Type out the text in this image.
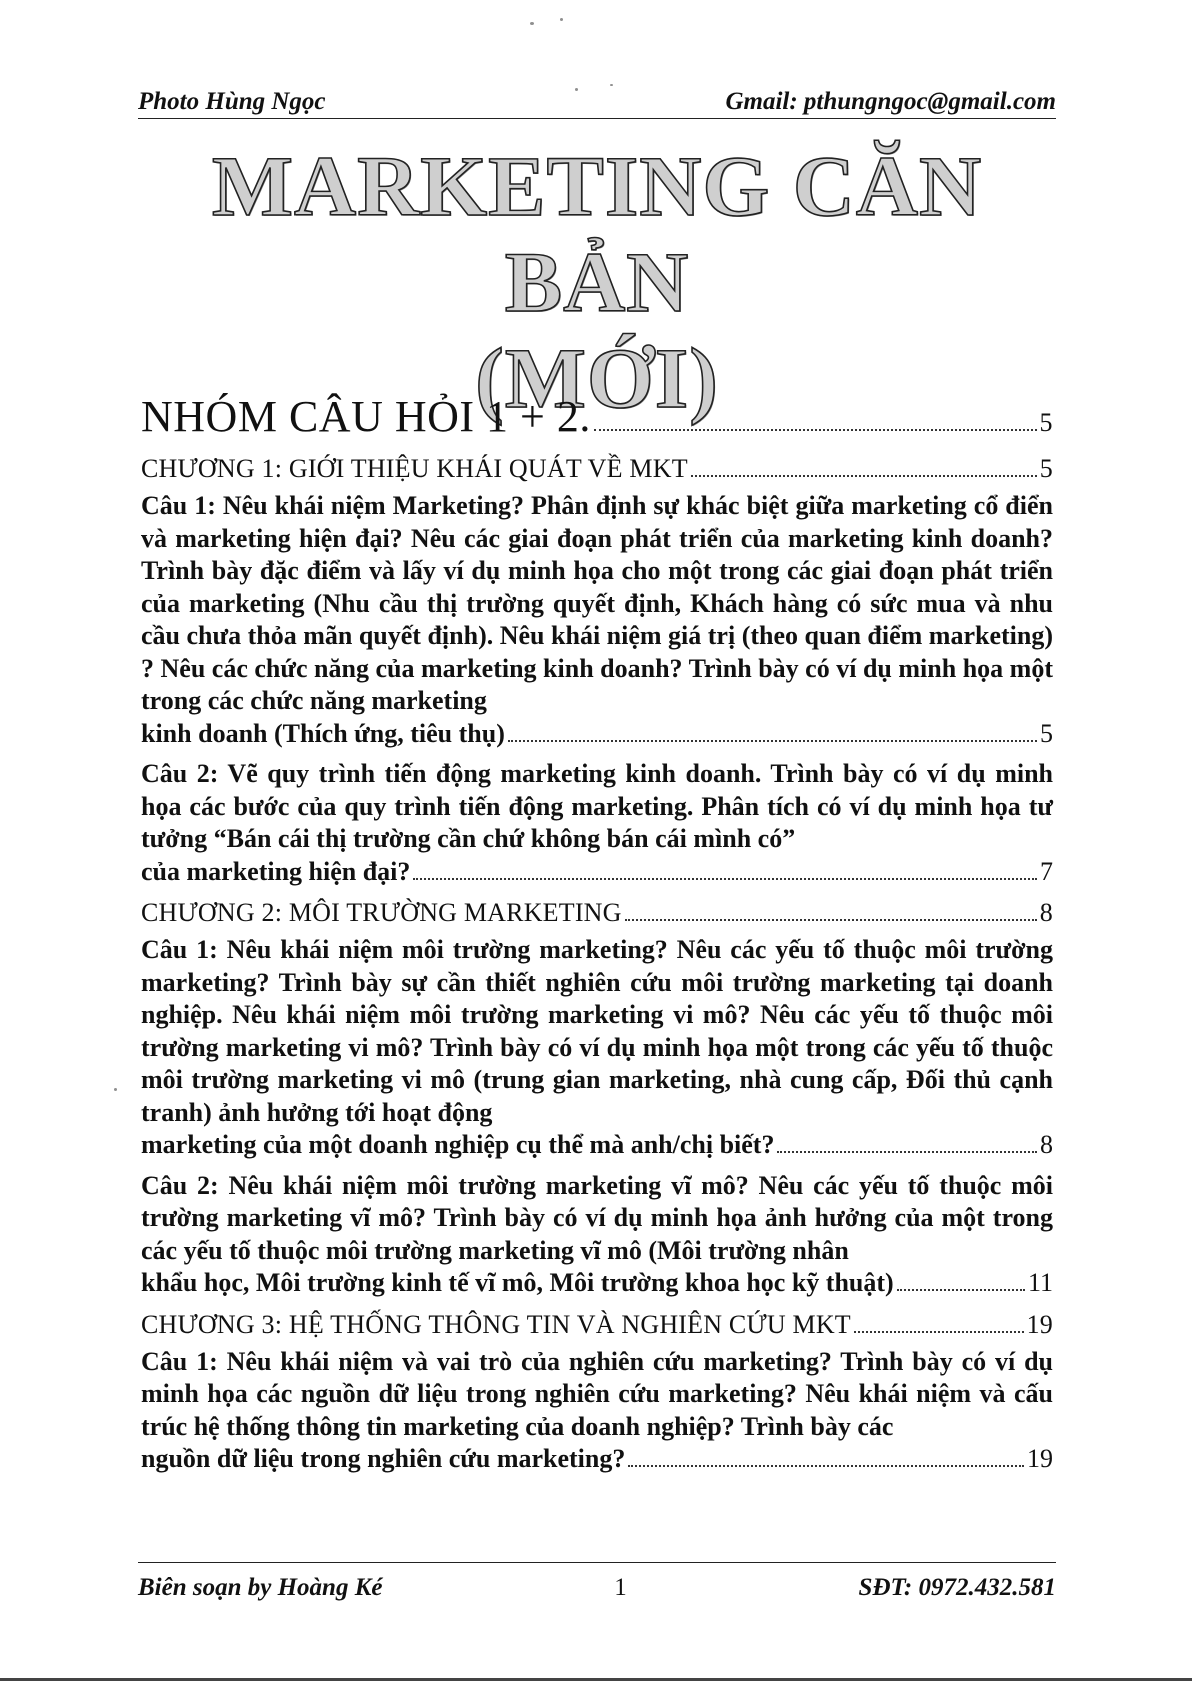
Photo Hùng Ngọc	Gmail: pthungngoc@gmail.com
MARKETING CĂN BẢN
(MỚI)
NHÓM CÂU HỎI 1 + 2.	5
CHƯƠNG 1: GIỚI THIỆU KHÁI QUÁT VỀ MKT	5
Câu 1: Nêu khái niệm Marketing? Phân định sự khác biệt giữa marketing cổ điển và marketing hiện đại? Nêu các giai đoạn phát triển của marketing kinh doanh? Trình bày đặc điểm và lấy ví dụ minh họa cho một trong các giai đoạn phát triển của marketing (Nhu cầu thị trường quyết định, Khách hàng có sức mua và nhu cầu chưa thỏa mãn quyết định). Nêu khái niệm giá trị (theo quan điểm marketing) ? Nêu các chức năng của marketing kinh doanh? Trình bày có ví dụ minh họa một trong các chức năng marketing
kinh doanh (Thích ứng, tiêu thụ)	5
Câu 2: Vẽ quy trình tiến động marketing kinh doanh. Trình bày có ví dụ minh họa các bước của quy trình tiến động marketing. Phân tích có ví dụ minh họa tư tưởng “Bán cái thị trường cần chứ không bán cái mình có”
của marketing hiện đại?	7
CHƯƠNG 2: MÔI TRƯỜNG MARKETING	8
Câu 1: Nêu khái niệm môi trường marketing? Nêu các yếu tố thuộc môi trường marketing? Trình bày sự cần thiết nghiên cứu môi trường marketing tại doanh nghiệp. Nêu khái niệm môi trường marketing vi mô? Nêu các yếu tố thuộc môi trường marketing vi mô? Trình bày có ví dụ minh họa một trong các yếu tố thuộc môi trường marketing vi mô (trung gian marketing, nhà cung cấp, Đối thủ cạnh tranh) ảnh hưởng tới hoạt động
marketing của một doanh nghiệp cụ thể mà anh/chị biết?	8
Câu 2: Nêu khái niệm môi trường marketing vĩ mô? Nêu các yếu tố thuộc môi trường marketing vĩ mô? Trình bày có ví dụ minh họa ảnh hưởng của một trong các yếu tố thuộc môi trường marketing vĩ mô (Môi trường nhân
khẩu học, Môi trường kinh tế vĩ mô, Môi trường khoa học kỹ thuật)	11
CHƯƠNG 3: HỆ THỐNG THÔNG TIN VÀ NGHIÊN CỨU MKT	19
Câu 1: Nêu khái niệm và vai trò của nghiên cứu marketing? Trình bày có ví dụ minh họa các nguồn dữ liệu trong nghiên cứu marketing? Nêu khái niệm và cấu trúc hệ thống thông tin marketing của doanh nghiệp? Trình bày các
nguồn dữ liệu trong nghiên cứu marketing?	19
Biên soạn by Hoàng Ké	1	SĐT: 0972.432.581
